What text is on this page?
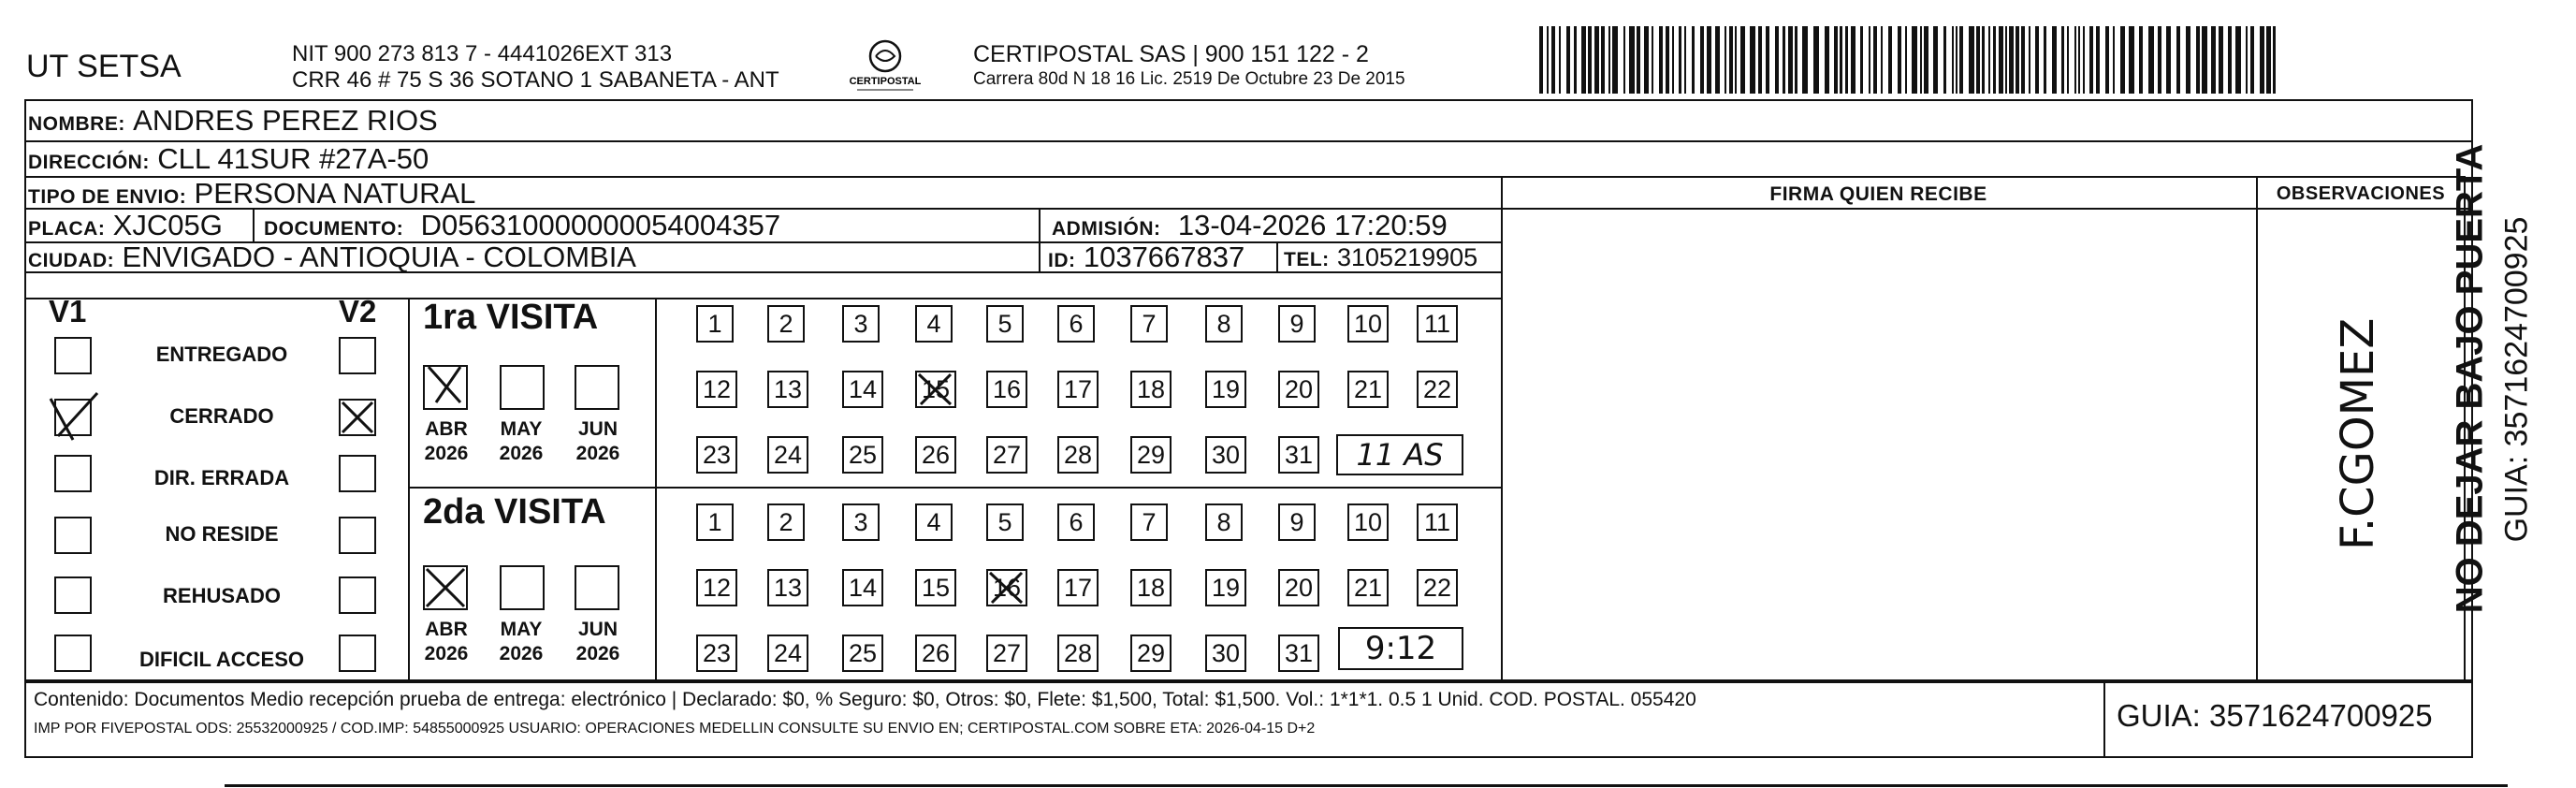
UT SETSA	NIT 900 273 813 7 - 4441026EXT 313
CRR 46 # 75 S 36 SOTANO 1 SABANETA - ANT	CERTIPOSTAL
CERTIPOSTAL SAS | 900 151 122 - 2
Carrera 80d N 18 16 Lic. 2519 De Octubre 23 De 2015
NOMBRE: ANDRES PEREZ RIOS
DIRECCIÓN: CLL 41SUR #27A-50
TIPO DE ENVIO: PERSONA NATURAL
PLACA: XJC05G DOCUMENTO: D056310000000054004357	ADMISIÓN: 13-04-2026 17:20:59
CIUDAD: ENVIGADO - ANTIOQUIA - COLOMBIA	ID: 1037667837 TEL: 3105219905
FIRMA QUIEN RECIBE	OBSERVACIONES
V1	V2
ENTREGADO
CERRADO
DIR. ERRADA
NO RESIDE
REHUSADO
DIFICIL ACCESO
1ra VISITA
ABR
2026
MAY
2026
JUN
2026
1	2	3	4	5	6	7	8	9	10 11
12 13 14 15 16 17 18 19 20 21 22
23 24 25 26 27 28 29 30 31	11 AS
2da VISITA
ABR
2026
MAY
2026
JUN
2026
1	2	3	4	5	6	7	8	9	10 11
12 13 14 15 16 17 18 19 20 21 22
23 24 25 26 27 28 29 30 31	9:12
F.CGOMEZ
Contenido: Documentos Medio recepción prueba de entrega: electrónico | Declarado: $0, % Seguro: $0, Otros: $0, Flete: $1,500, Total: $1,500. Vol.: 1*1*1. 0.5 1 Unid. COD. POSTAL. 055420
IMP POR FIVEPOSTAL ODS: 25532000925 / COD.IMP: 54855000925 USUARIO: OPERACIONES MEDELLIN CONSULTE SU ENVIO EN; CERTIPOSTAL.COM SOBRE ETA: 2026-04-15 D+2	GUIA: 3571624700925
NO DEJAR BAJO PUERTA GUIA: 3571624700925
